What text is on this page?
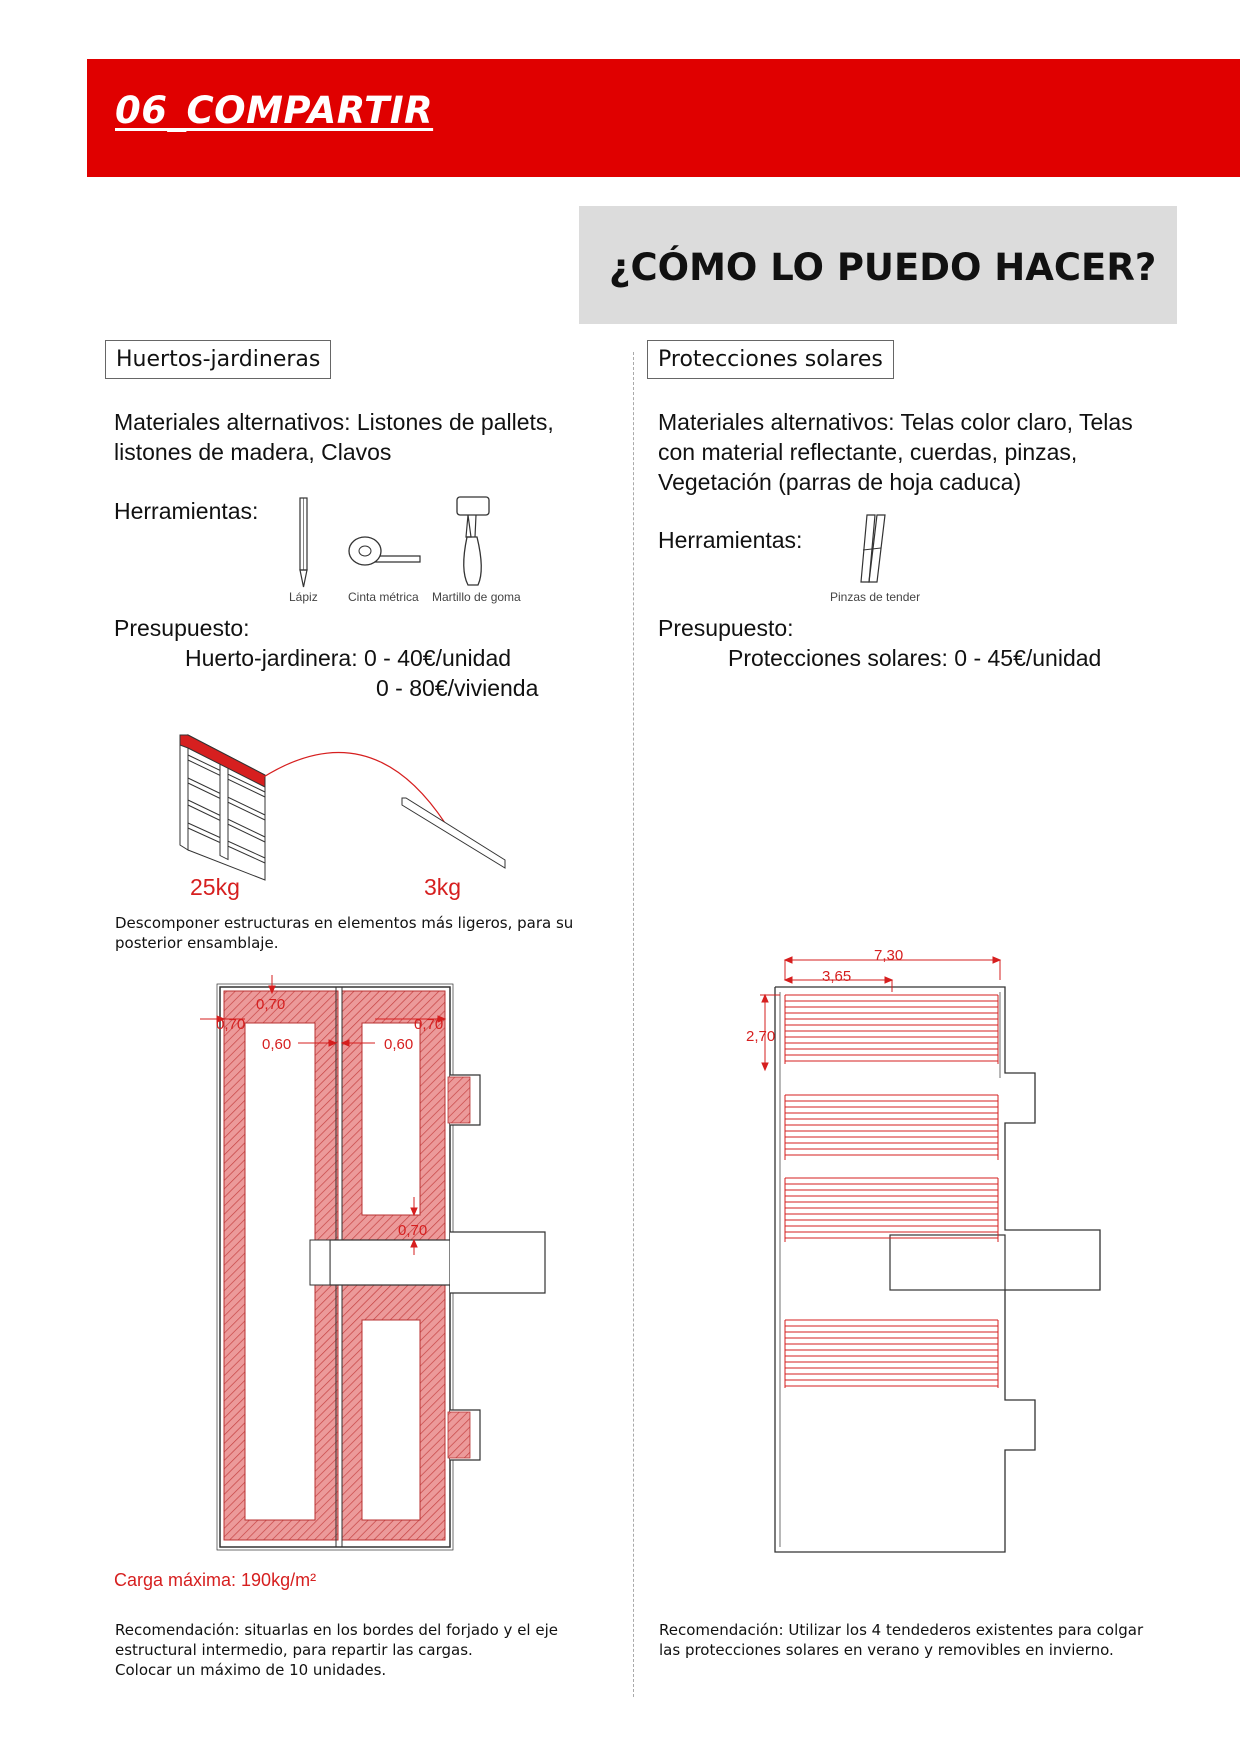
06_COMPARTIR
¿CÓMO LO PUEDO HACER?
Huertos-jardineras
Materiales alternativos: Listones de pallets,
listones de madera, Clavos
Herramientas:
Lápiz	Cinta métrica Martillo de goma
Presupuesto:
Huerto-jardinera: 0 - 40€/unidad
0 - 80€/vivienda
25kg	3kg
Descomponer estructuras en elementos más ligeros, para su
posterior ensamblaje.
0,70
0,70	0,70
0,60	0,60
0,70
Carga máxima: 190kg/m²
Recomendación: situarlas en los bordes del forjado y el eje
estructural intermedio, para repartir las cargas.
Colocar un máximo de 10 unidades.
Protecciones solares
Materiales alternativos: Telas color claro, Telas
con material reflectante, cuerdas, pinzas,
Vegetación (parras de hoja caduca)
Herramientas:
Pinzas de tender
Presupuesto:
Protecciones solares: 0 - 45€/unidad
7,30
3,65
2,70
Recomendación: Utilizar los 4 tendederos existentes para colgar
las protecciones solares en verano y removibles en invierno.
